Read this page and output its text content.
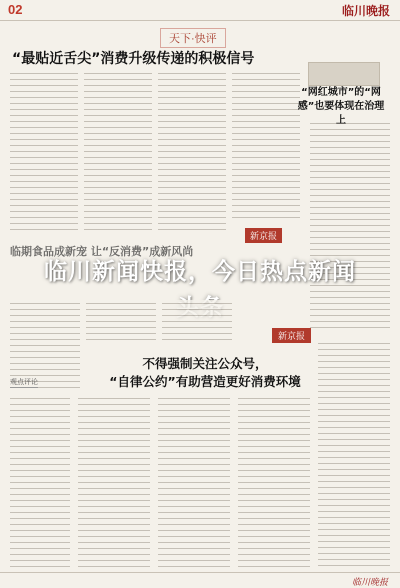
02	临川晚报
天下·快评
“最贴近舌尖”消费升级传递的积极信号
“网红城市”的“网感”也要体现在治理上
新京报
临期食品成新宠 让“反消费”成新风尚
临川新闻快报，今日热点新闻
新京报
观点评论
不得强制关注公众号，
“自律公约”有助营造更好消费环境
临川晚报
